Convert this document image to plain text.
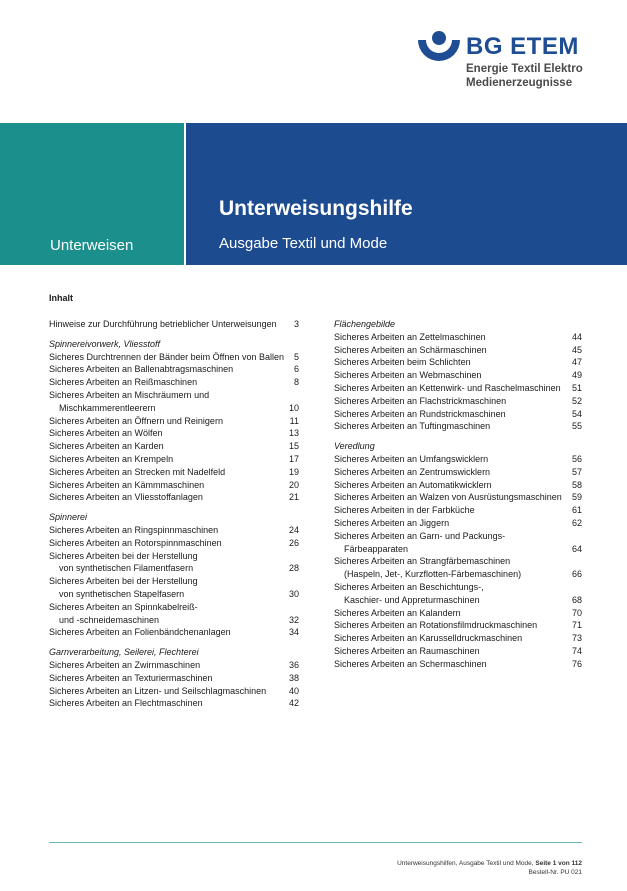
BG ETEM
Energie Textil Elektro
Medienerzeugnisse
Unterweisen
Unterweisungshilfe
Ausgabe Textil und Mode
Inhalt
Hinweise zur Durchführung betrieblicher Unterweisungen	3
Spinnereivorwerk, Vliesstoff
Sicheres Durchtrennen der Bänder beim Öffnen von Ballen	5
Sicheres Arbeiten an Ballenabtragsmaschinen	6
Sicheres Arbeiten an Reißmaschinen	8
Sicheres Arbeiten an Mischräumern und
Mischkammerentleerern	10
Sicheres Arbeiten an Öffnern und Reinigern	11
Sicheres Arbeiten an Wölfen	13
Sicheres Arbeiten an Karden	15
Sicheres Arbeiten an Krempeln	17
Sicheres Arbeiten an Strecken mit Nadelfeld	19
Sicheres Arbeiten an Kämmmaschinen	20
Sicheres Arbeiten an Vliesstoffanlagen	21
Spinnerei
Sicheres Arbeiten an Ringspinnmaschinen	24
Sicheres Arbeiten an Rotorspinnmaschinen	26
Sicheres Arbeiten bei der Herstellung
von synthetischen Filamentfasern	28
Sicheres Arbeiten bei der Herstellung
von synthetischen Stapelfasern	30
Sicheres Arbeiten an Spinnkabelreiß-
und -schneidemaschinen	32
Sicheres Arbeiten an Folienbändchenanlagen	34
Garnverarbeitung, Seilerei, Flechterei
Sicheres Arbeiten an Zwirnmaschinen	36
Sicheres Arbeiten an Texturiermaschinen	38
Sicheres Arbeiten an Litzen- und Seilschlagmaschinen	40
Sicheres Arbeiten an Flechtmaschinen	42
Flächengebilde
Sicheres Arbeiten an Zettelmaschinen	44
Sicheres Arbeiten an Schärmaschinen	45
Sicheres Arbeiten beim Schlichten	47
Sicheres Arbeiten an Webmaschinen	49
Sicheres Arbeiten an Kettenwirk- und Raschelmaschinen	51
Sicheres Arbeiten an Flachstrickmaschinen	52
Sicheres Arbeiten an Rundstrickmaschinen	54
Sicheres Arbeiten an Tuftingmaschinen	55
Veredlung
Sicheres Arbeiten an Umfangswicklern	56
Sicheres Arbeiten an Zentrumswicklern	57
Sicheres Arbeiten an Automatikwicklern	58
Sicheres Arbeiten an Walzen von Ausrüstungsmaschinen	59
Sicheres Arbeiten in der Farbküche	61
Sicheres Arbeiten an Jiggern	62
Sicheres Arbeiten an Garn- und Packungs-
Färbeapparaten	64
Sicheres Arbeiten an Strangfärbemaschinen
(Haspeln, Jet-, Kurzflotten-Färbemaschinen)	66
Sicheres Arbeiten an Beschichtungs-,
Kaschier- und Appreturmaschinen	68
Sicheres Arbeiten an Kalandern	70
Sicheres Arbeiten an Rotationsfilmdruckmaschinen	71
Sicheres Arbeiten an Karusselldruckmaschinen	73
Sicheres Arbeiten an Raumaschinen	74
Sicheres Arbeiten an Schermaschinen	76
Unterweisungshilfen, Ausgabe Textil und Mode, Seite 1 von 112
Bestell-Nr. PU 021
